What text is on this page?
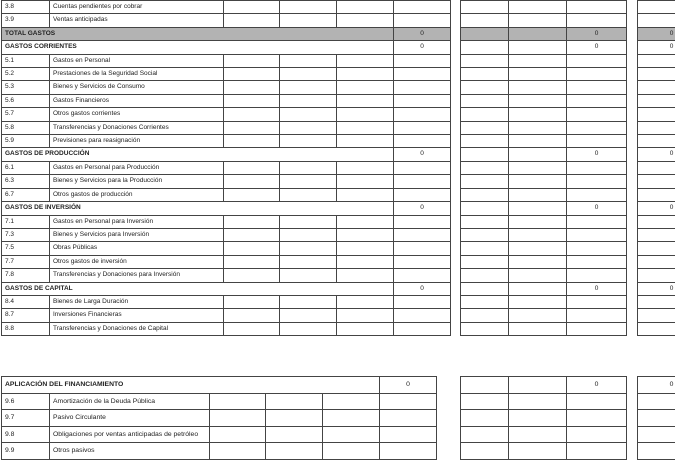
3.8	Cuentas pendientes por cobrar										
3.9	Ventas anticipadas										
TOTAL GASTOS					0				0		0
GASTOS CORRIENTES					0				0		0
5.1	Gastos en Personal										
5.2	Prestaciones de la Seguridad Social										
5.3	Bienes y Servicios de Consumo										
5.6	Gastos Financieros										
5.7	Otros gastos corrientes										
5.8	Transferencias y Donaciones Corrientes										
5.9	Previsiones para reasignación										
GASTOS DE PRODUCCIÓN					0				0		0
6.1	Gastos en Personal para Producción										
6.3	Bienes y Servicios para la Producción										
6.7	Otros gastos de producción										
GASTOS DE INVERSIÓN					0				0		0
7.1	Gastos en Personal para Inversión										
7.3	Bienes y Servicios para Inversión										
7.5	Obras Públicas										
7.7	Otros gastos de inversión										
7.8	Transferencias y Donaciones para Inversión										
GASTOS DE CAPITAL					0				0		0
8.4	Bienes de Larga Duración										
8.7	Inversiones Financieras										
8.8	Transferencias y Donaciones de Capital										
APLICACIÓN DEL FINANCIAMIENTO					0				0		0
9.6	Amortización de la Deuda Pública										
9.7	Pasivo Circulante										
9.8	Obligaciones por ventas anticipadas de petróleo										
9.9	Otros pasivos										
